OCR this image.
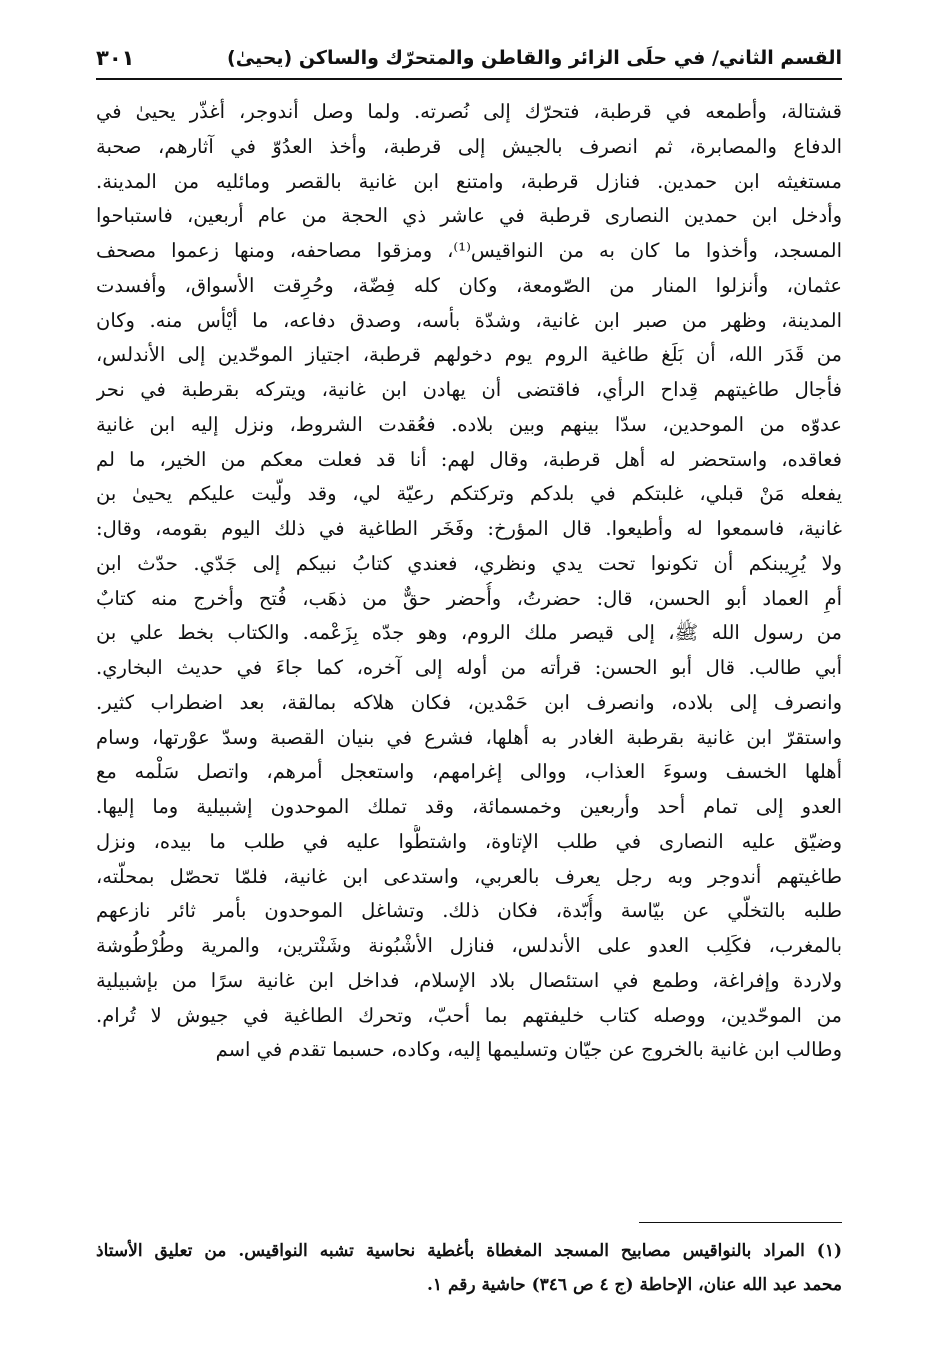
القسم الثاني/ في حلَى الزائر والقاطن والمتحرّك والساكن (يحيىٰ)
٣٠١
قشتالة، وأطمعه في قرطبة، فتحرّك إلى نُصرته. ولما وصل أندوجر، أغذّر يحيىٰ في
الدفاع والمصابرة، ثم انصرف بالجيش إلى قرطبة، وأخذ العدُوّ في آثارهم، صحبة
مستغيثه ابن حمدين. فنازل قرطبة، وامتنع ابن غانية بالقصر ومائليه من المدينة.
وأدخل ابن حمدين النصارى قرطبة في عاشر ذي الحجة من عام أربعين، فاستباحوا
المسجد، وأخذوا ما كان به من النواقيس⁽¹⁾، ومزقوا مصاحفه، ومنها زعموا مصحف
عثمان، وأنزلوا المنار من الصّومعة، وكان كله فِضّة، وحُرِقت الأسواق، وأفسدت
المدينة، وظهر من صبر ابن غانية، وشدّة بأسه، وصدق دفاعه، ما أيْأس منه. وكان
من قَدَر الله، أن بَلَغ طاغية الروم يوم دخولهم قرطبة، اجتياز الموحّدين إلى الأندلس،
فأجال طاغيتهم قِداح الرأي، فاقتضى أن يهادن ابن غانية، ويتركه بقرطبة في نحر
عدوّه من الموحدين، سدّا بينهم وبين بلاده. فعُقدت الشروط، ونزل إليه ابن غانية
فعاقده، واستحضر له أهل قرطبة، وقال لهم: أنا قد فعلت معكم من الخير، ما لم
يفعله مَنْ قبلي، غلبتكم في بلدكم وتركتكم رعيّة لي، وقد ولّيت عليكم يحيىٰ بن
غانية، فاسمعوا له وأطيعوا. قال المؤرخ: وفَخَر الطاغية في ذلك اليوم بقومه، وقال:
ولا يُرِيبنكم أن تكونوا تحت يدي ونظري، فعندي كتابُ نبيكم إلى جَدّي. حدّث ابن
أمِ العماد أبو الحسن، قال: حضرتُ، وأُحضر حقٌّ من ذهَب، فُتح وأخرج منه كتابٌ
من رسول الله ﷺ، إلى قيصر ملك الروم، وهو جدّه بِزَعْمه. والكتاب بخط علي بن
أبي طالب. قال أبو الحسن: قرأته من أوله إلى آخره، كما جاءَ في حديث البخاري.
وانصرف إلى بلاده، وانصرف ابن حَمْدين، فكان هلاكه بمالقة، بعد اضطراب كثير.
واستقرّ ابن غانية بقرطبة الغادر به أهلها، فشرع في بنيان القصبة وسدّ عوْرتها، وسام
أهلها الخسف وسوءَ العذاب، ووالى إغرامهم، واستعجل أمرهم، واتصل سَلْمه مع
العدو إلى تمام أحد وأربعين وخمسمائة، وقد تملك الموحدون إشبيلية وما إليها.
وضيّق عليه النصارى في طلب الإتاوة، واشتطُّوا عليه في طلب ما بيده، ونزل
طاغيتهم أندوجر وبه رجل يعرف بالعربي، واستدعى ابن غانية، فلمّا تحصّل بمحلّته،
طلبه بالتخلّي عن بيّاسة وأُبّدة، فكان ذلك. وتشاغل الموحدون بأمر ثائر نازعهم
بالمغرب، فكَلِب العدو على الأندلس، فنازل الأشْبُونة وشَنْترين، والمرية وطُرْطُوشة
ولاردة وإفراغة، وطمع في استئصال بلاد الإسلام، فداخل ابن غانية سرًا من بإشبيلية
من الموحّدين، ووصله كتاب خليفتهم بما أحبّ، وتحرك الطاغية في جيوش لا تُرام.
وطالب ابن غانية بالخروج عن جيّان وتسليمها إليه، وكاده، حسبما تقدم في اسم
(١) المراد بالنواقيس مصابيح المسجد المغطاة بأغطية نحاسية تشبه النواقيس. من تعليق الأستاذ
محمد عبد الله عنان، الإحاطة (ج ٤ ص ٣٤٦) حاشية رقم ١.
